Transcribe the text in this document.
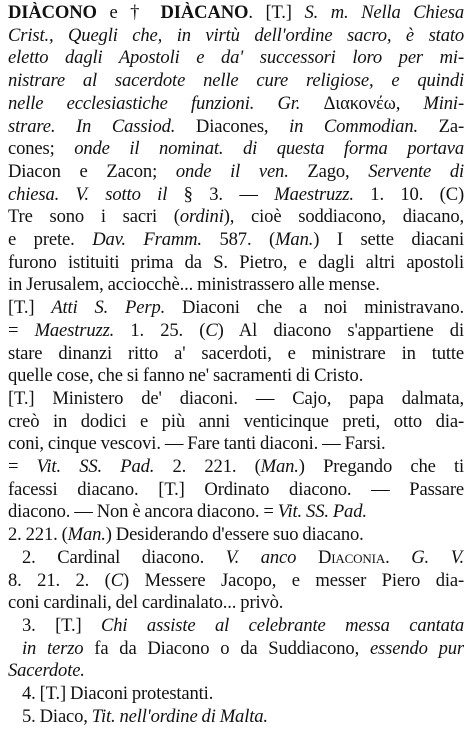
DIÀCONO e † DIÀCANO. [T.] S. m. Nella Chiesa
Crist., Quegli che, in virtù dell'ordine sacro, è stato
eletto dagli Apostoli e da' successori loro per mi-
nistrare al sacerdote nelle cure religiose, e quindi
nelle ecclesiastiche funzioni. Gr. Διακονέω, Mini-
strare. In Cassiod. Diacones, in Commodian. Za-
cones; onde il nominat. di questa forma portava
Diacon e Zacon; onde il ven. Zago, Servente di
chiesa. V. sotto il § 3. — Maestruzz. 1. 10. (C)
Tre sono i sacri (ordini), cioè soddiacono, diacano,
e prete. Dav. Framm. 587. (Man.) I sette diacani
furono istituiti prima da S. Pietro, e dagli altri apostoli
in Jerusalem, acciocchè... ministrassero alle mense.
[T.] Atti S. Perp. Diaconi che a noi ministravano.
= Maestruzz. 1. 25. (C) Al diacono s'appartiene di
stare dinanzi ritto a' sacerdoti, e ministrare in tutte
quelle cose, che si fanno ne' sacramenti di Cristo.
[T.] Ministero de' diaconi. — Cajo, papa dalmata,
creò in dodici e più anni venticinque preti, otto dia-
coni, cinque vescovi. — Fare tanti diaconi. — Farsi.
= Vit. SS. Pad. 2. 221. (Man.) Pregando che ti
facessi diacano. [T.] Ordinato diacono. — Passare
diacono. — Non è ancora diacono. = Vit. SS. Pad.
2. 221. (Man.) Desiderando d'essere suo diacano.
2. Cardinal diacono. V. anco Diaconia. G. V.
8. 21. 2. (C) Messere Jacopo, e messer Piero dia-
coni cardinali, del cardinalato... privò.
3. [T.] Chi assiste al celebrante messa cantata
in terzo fa da Diacono o da Suddiacono, essendo pur
Sacerdote.
4. [T.] Diaconi protestanti.
5. Diaco, Tit. nell'ordine di Malta.
